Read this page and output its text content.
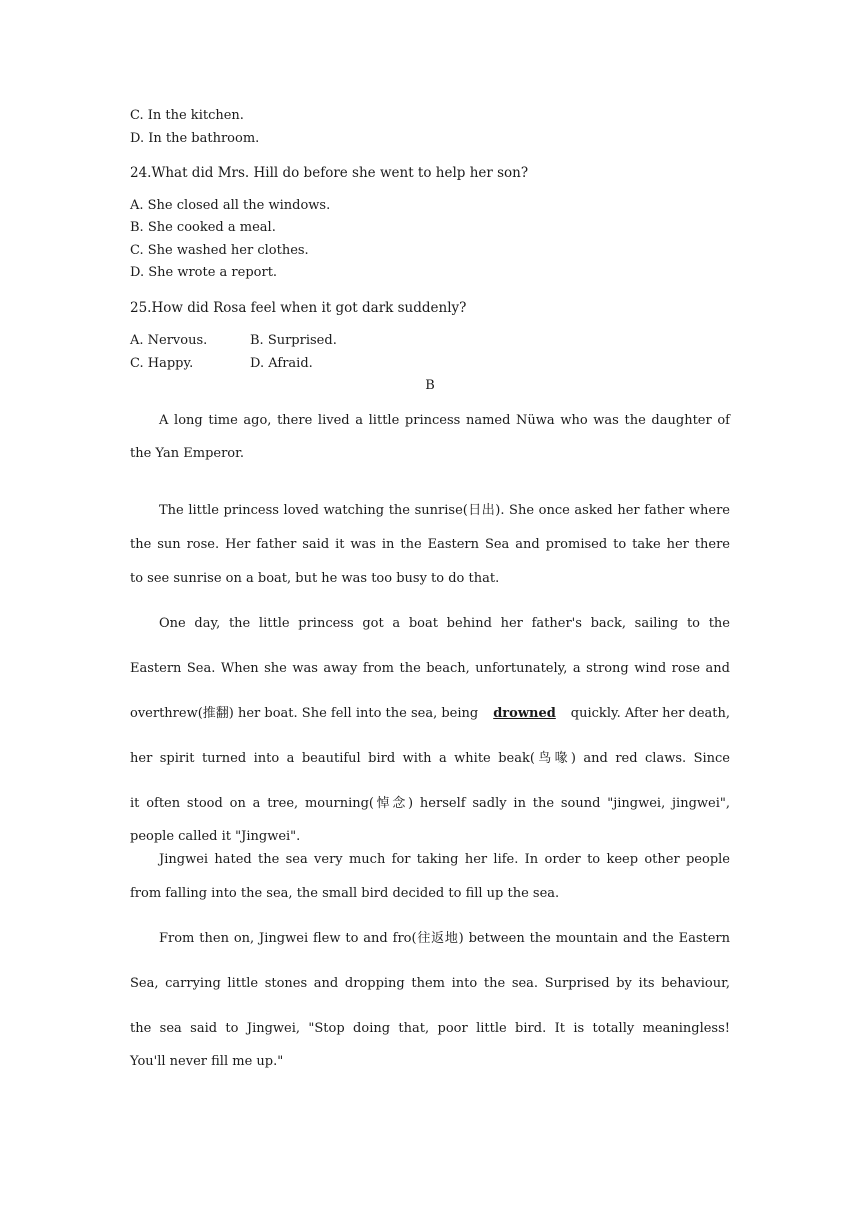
C. In the kitchen.
D. In the bathroom.
24.What did Mrs. Hill do before she went to help her son?
A. She closed all the windows.
B. She cooked a meal.
C. She washed her clothes.
D. She wrote a report.
25.How did Rosa feel when it got dark suddenly?
A. Nervous.	B. Surprised.
C. Happy.	D. Afraid.
B
A long time ago, there lived a little princess named Nüwa who was the daughter of
the Yan Emperor.
The little princess loved watching the sunrise(日出). She once asked her father where
the sun rose. Her father said it was in the Eastern Sea and promised to take her there
to see sunrise on a boat, but he was too busy to do that.
One day, the little princess got a boat behind her father's back, sailing to the
Eastern Sea. When she was away from the beach, unfortunately, a strong wind rose and
overthrew(推翻) her boat. She fell into the sea, being drowned quickly. After her death,
her spirit turned into a beautiful bird with a white beak(鸟喙) and red claws. Since
it often stood on a tree, mourning(悼念) herself sadly in the sound "jingwei, jingwei",
people called it "Jingwei".
Jingwei hated the sea very much for taking her life. In order to keep other people
from falling into the sea, the small bird decided to fill up the sea.
From then on, Jingwei flew to and fro(往返地) between the mountain and the Eastern
Sea, carrying little stones and dropping them into the sea. Surprised by its behaviour,
the sea said to Jingwei, "Stop doing that, poor little bird. It is totally meaningless!
You'll never fill me up."
